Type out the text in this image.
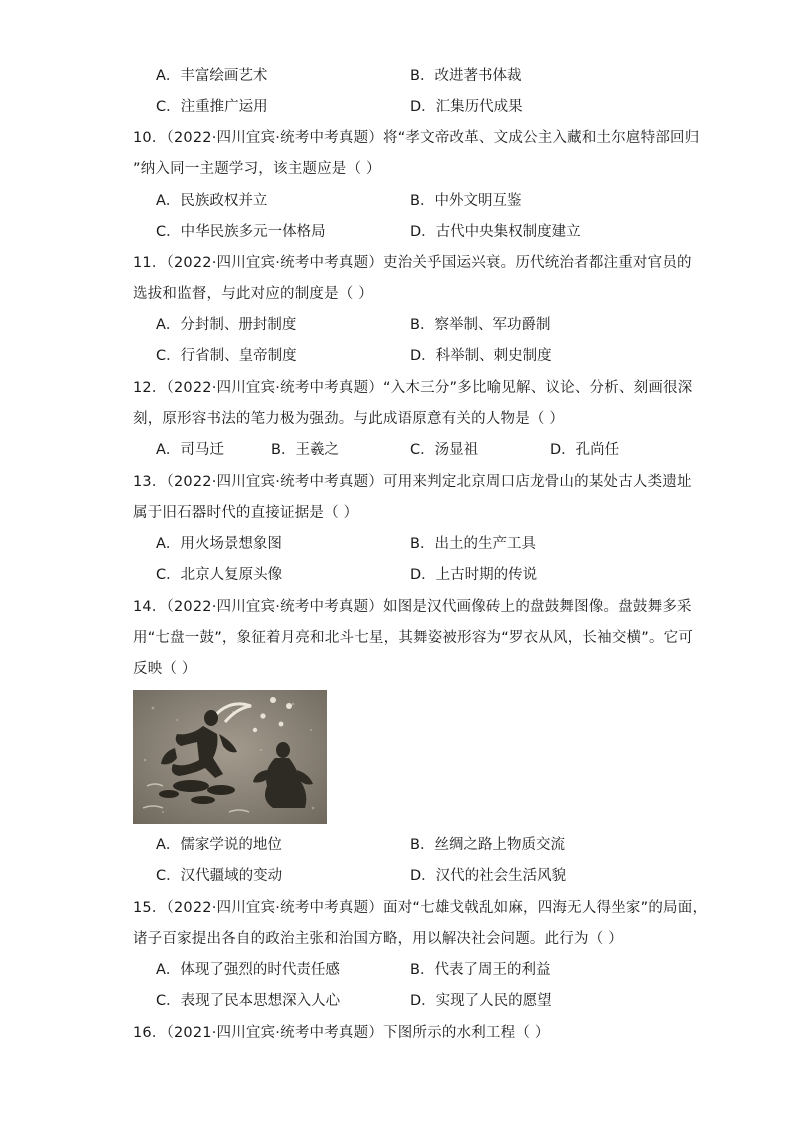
A．丰富绘画艺术	B．改进著书体裁
C．注重推广运用	D．汇集历代成果
10．（2022·四川宜宾·统考中考真题）将“孝文帝改革、文成公主入藏和土尔扈特部回归
”纳入同一主题学习，该主题应是（ ）
A．民族政权并立	B．中外文明互鉴
C．中华民族多元一体格局	D．古代中央集权制度建立
11．（2022·四川宜宾·统考中考真题）吏治关乎国运兴衰。历代统治者都注重对官员的
选拔和监督，与此对应的制度是（ ）
A．分封制、册封制度	B．察举制、军功爵制
C．行省制、皇帝制度	D．科举制、刺史制度
12．（2022·四川宜宾·统考中考真题）“入木三分”多比喻见解、议论、分析、刻画很深
刻，原形容书法的笔力极为强劲。与此成语原意有关的人物是（ ）
A．司马迁	B．王羲之	C．汤显祖	D．孔尚任
13．（2022·四川宜宾·统考中考真题）可用来判定北京周口店龙骨山的某处古人类遗址
属于旧石器时代的直接证据是（ ）
A．用火场景想象图	B．出土的生产工具
C．北京人复原头像	D．上古时期的传说
14．（2022·四川宜宾·统考中考真题）如图是汉代画像砖上的盘鼓舞图像。盘鼓舞多采
用“七盘一鼓”，象征着月亮和北斗七星，其舞姿被形容为“罗衣从风，长袖交横”。它可
反映（ ）
A．儒家学说的地位	B．丝绸之路上物质交流
C．汉代疆域的变动	D．汉代的社会生活风貌
15．（2022·四川宜宾·统考中考真题）面对“七雄戈戟乱如麻，四海无人得坐家”的局面，
诸子百家提出各自的政治主张和治国方略，用以解决社会问题。此行为（ ）
A．体现了强烈的时代责任感	B．代表了周王的利益
C．表现了民本思想深入人心	D．实现了人民的愿望
16．（2021·四川宜宾·统考中考真题）下图所示的水利工程（ ）
